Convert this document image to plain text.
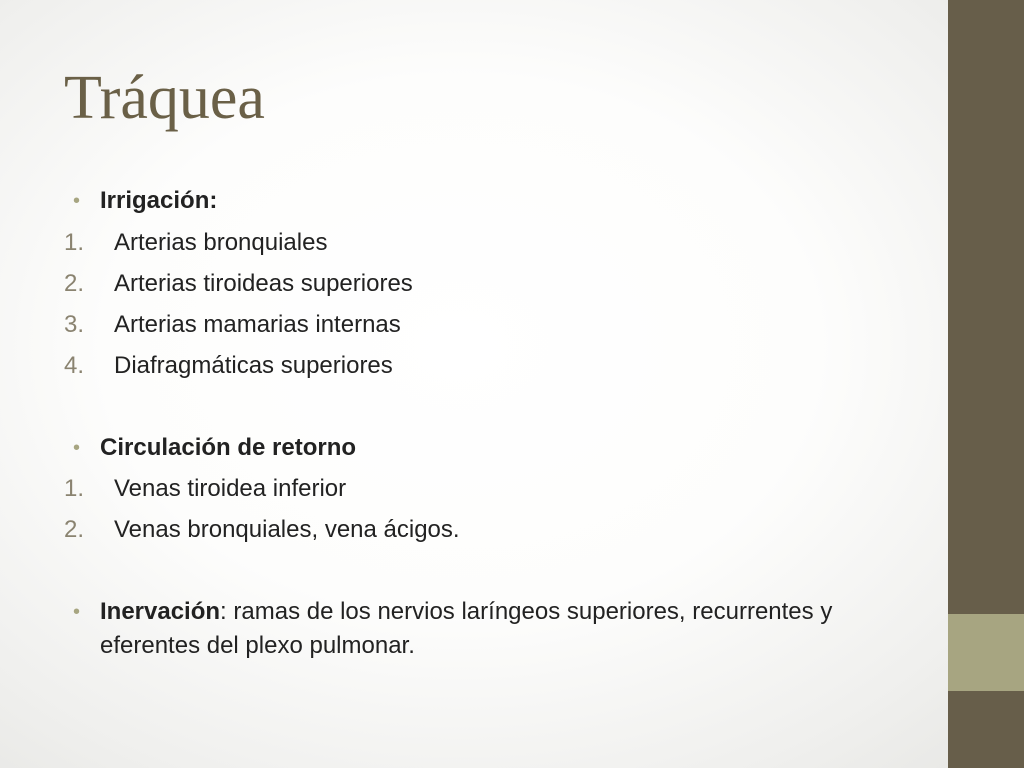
Tráquea
• Irrigación:
1. Arterias bronquiales
2. Arterias tiroideas superiores
3. Arterias mamarias internas
4. Diafragmáticas superiores
• Circulación de retorno
1. Venas tiroidea inferior
2. Venas bronquiales, vena ácigos.
• Inervación: ramas de los nervios laríngeos superiores, recurrentes y eferentes del plexo pulmonar.
